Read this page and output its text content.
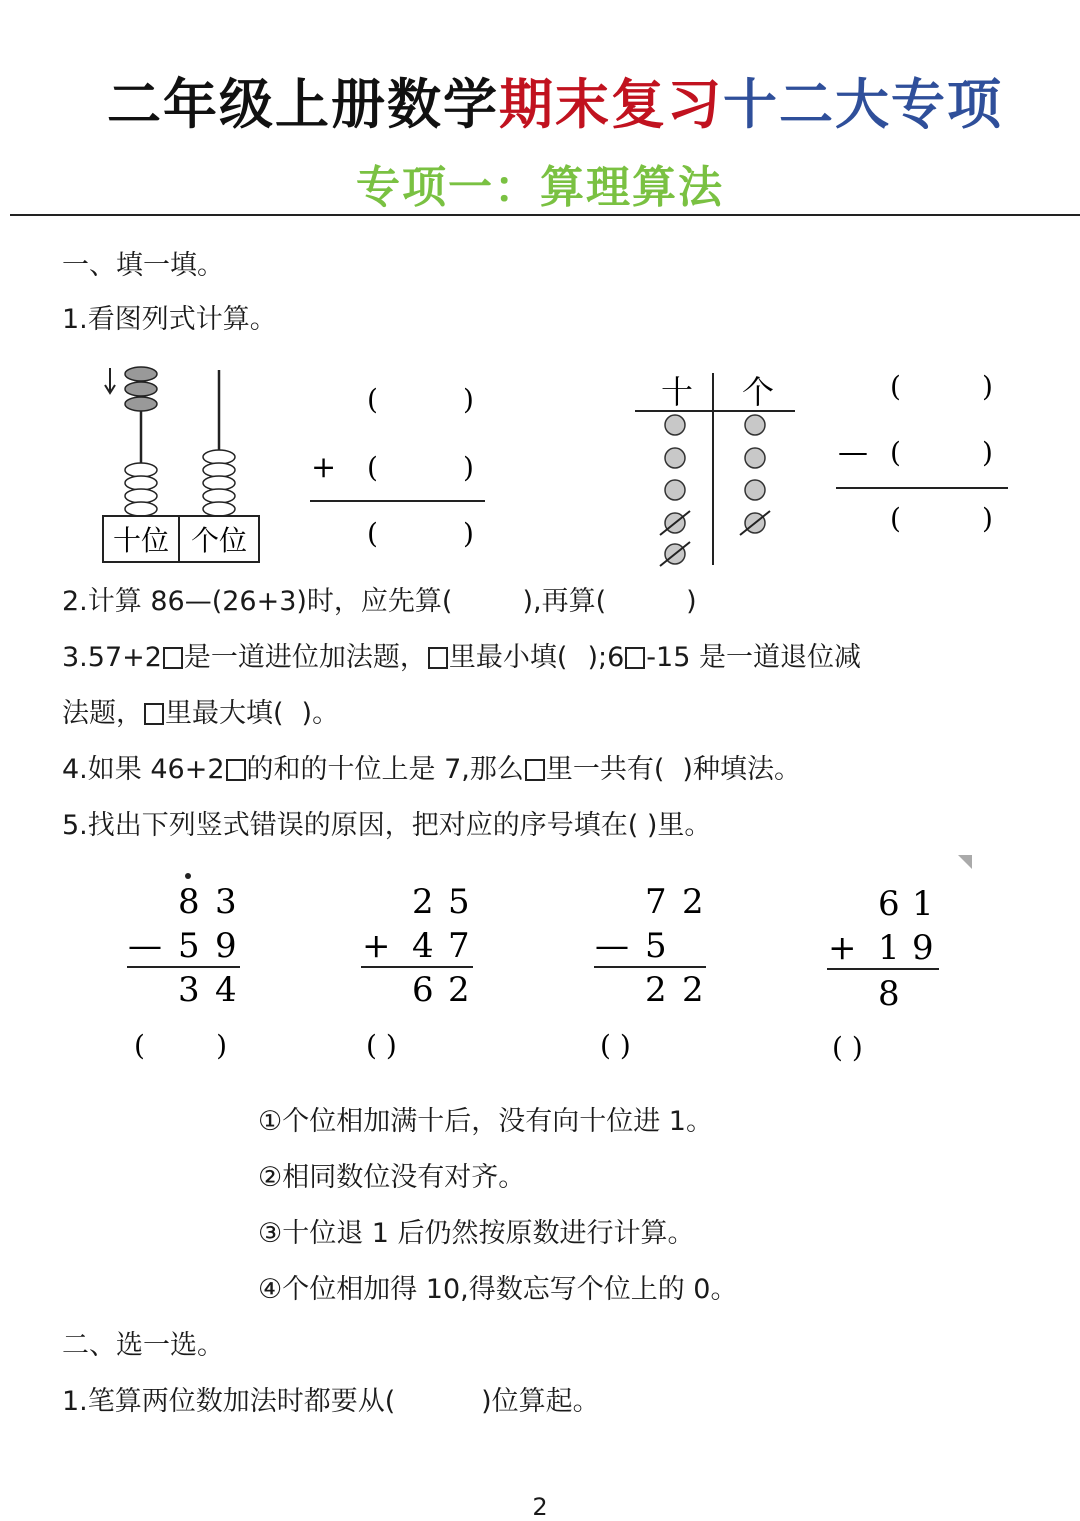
二年级上册数学期末复习十二大专项
专项一：算理算法
一、填一填。
1.看图列式计算。
十位 个位
(	)
+ (	)
(	)
十 个	(	)
— (	)
(	)
2.计算 86—(26+3)时，应先算(	),再算(	)
3.57+2 是一道进位加法题， 里最小填( );6 -15 是一道退位减
法题， 里最大填( )。
4.如果 46+2 的和的十位上是 7,那么 里一共有( )种填法。
5.找出下列竖式错误的原因，把对应的序号填在( )里。
8 3
— 5 9
3 4
(        )
2 5
+ 4 7
6 2
( )
7 2
— 5
2 2
( )
6 1
+ 1 9
8
( )
①个位相加满十后，没有向十位进 1。
②相同数位没有对齐。
③十位退 1 后仍然按原数进行计算。
④个位相加得 10,得数忘写个位上的 0。
二、选一选。
1.笔算两位数加法时都要从(          )位算起。
2
